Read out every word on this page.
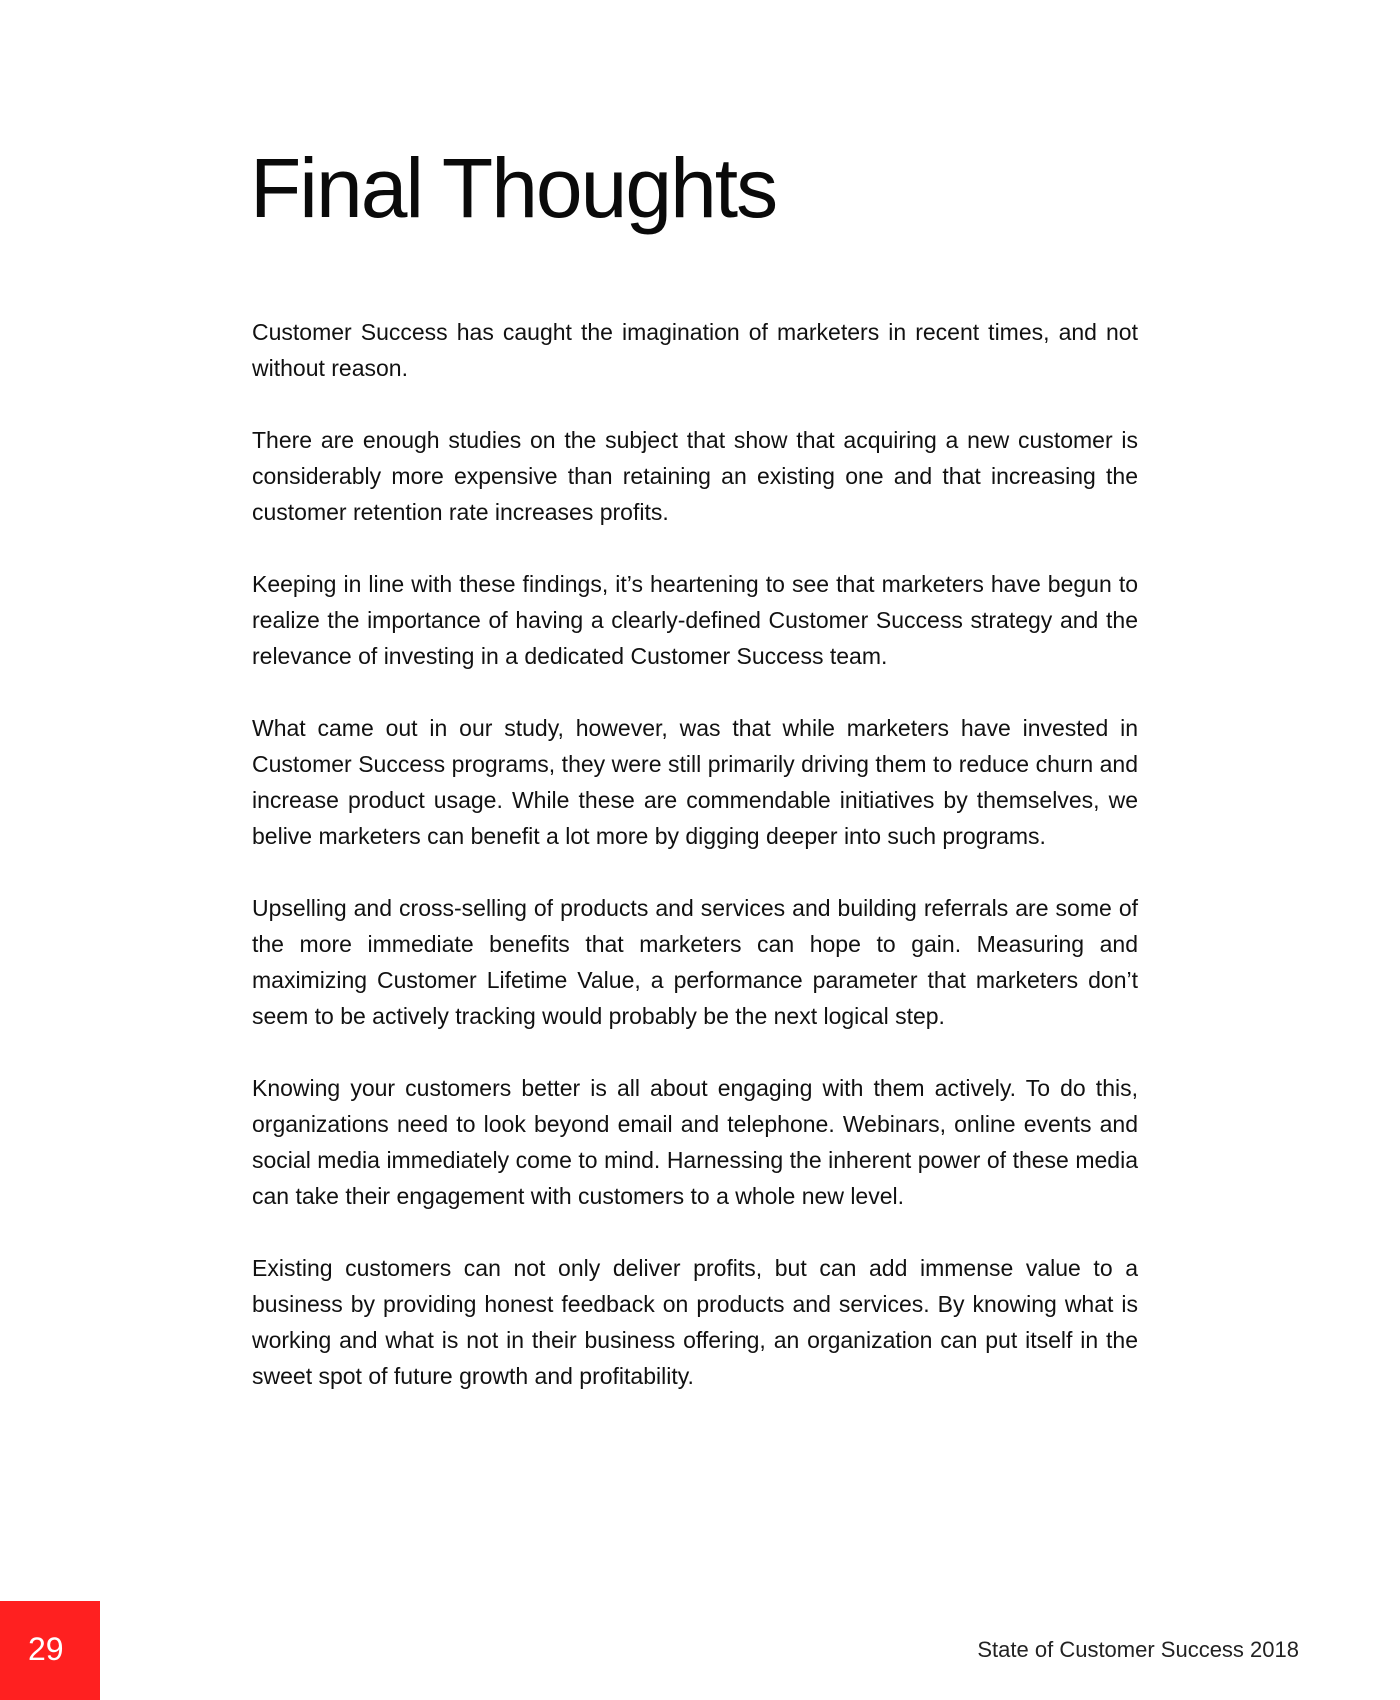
Final Thoughts

Customer Success has caught the imagination of marketers in recent times, and not without reason.

There are enough studies on the subject that show that acquiring a new customer is considerably more expensive than retaining an existing one and that increasing the customer retention rate increases profits.

Keeping in line with these findings, it’s heartening to see that marketers have begun to realize the importance of having a clearly-defined Customer Success strategy and the relevance of investing in a dedicated Customer Success team.

What came out in our study, however, was that while marketers have invested in Customer Success programs, they were still primarily driving them to reduce churn and increase product usage. While these are commendable initiatives by themselves, we belive marketers can benefit a lot more by digging deeper into such programs.

Upselling and cross-selling of products and services and building referrals are some of the more immediate benefits that marketers can hope to gain. Measuring and maximizing Customer Lifetime Value, a performance parameter that marketers don’t seem to be actively tracking would probably be the next logical step.

Knowing your customers better is all about engaging with them actively. To do this, organizations need to look beyond email and telephone. Webinars, online events and social media immediately come to mind. Harnessing the inherent power of these media can take their engagement with customers to a whole new level.

Existing customers can not only deliver profits, but can add immense value to a business by providing honest feedback on products and services. By knowing what is working and what is not in their business offering, an organization can put itself in the sweet spot of future growth and profitability.

29	State of Customer Success 2018
